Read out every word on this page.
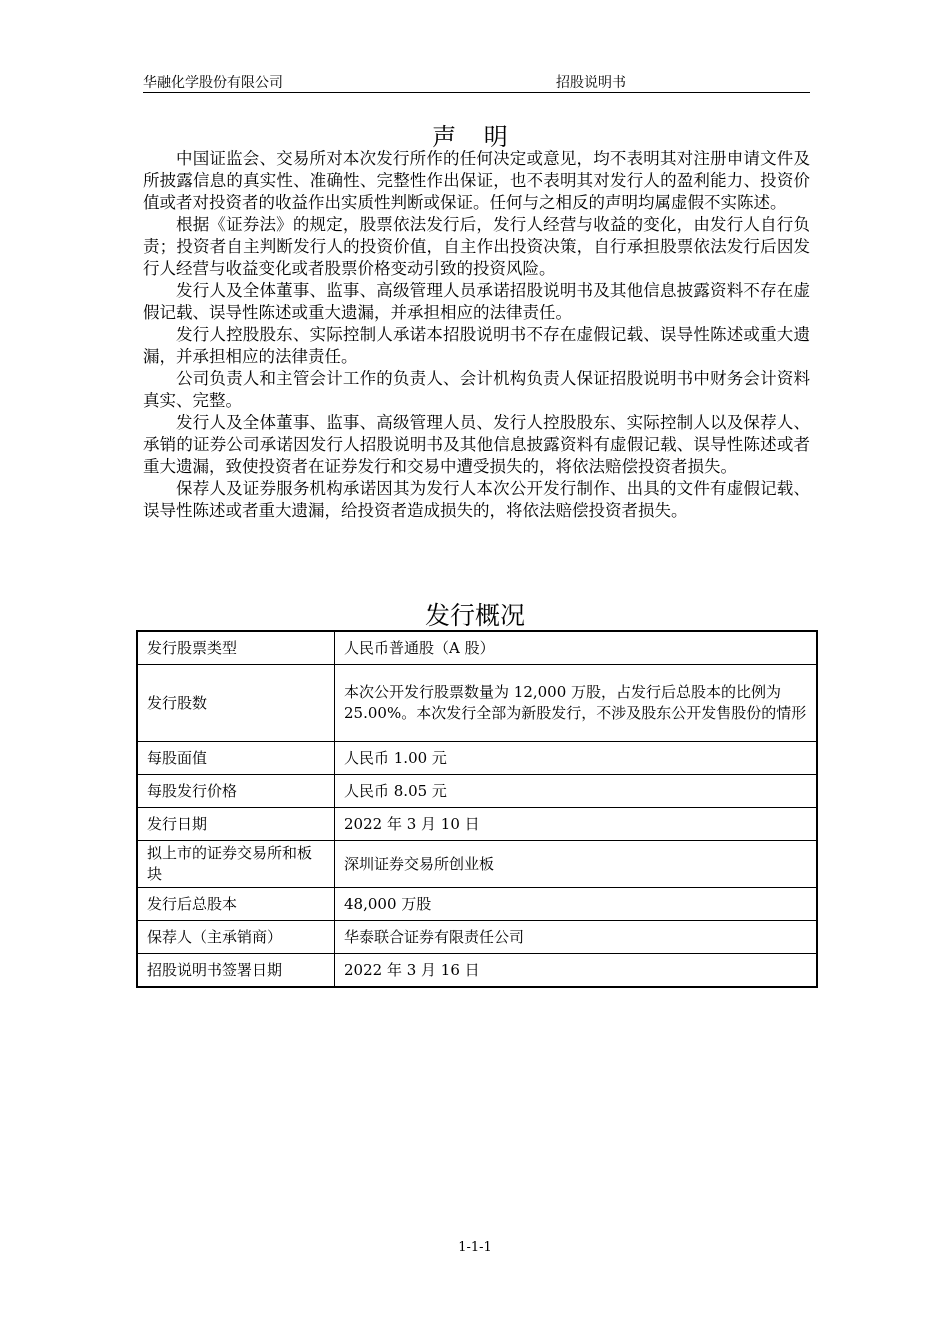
华融化学股份有限公司	招股说明书
声 明

中国证监会、交易所对本次发行所作的任何决定或意见，均不表明其对注册申请文件及所披露信息的真实性、准确性、完整性作出保证，也不表明其对发行人的盈利能力、投资价值或者对投资者的收益作出实质性判断或保证。任何与之相反的声明均属虚假不实陈述。

根据《证券法》的规定，股票依法发行后，发行人经营与收益的变化，由发行人自行负责；投资者自主判断发行人的投资价值，自主作出投资决策，自行承担股票依法发行后因发行人经营与收益变化或者股票价格变动引致的投资风险。

发行人及全体董事、监事、高级管理人员承诺招股说明书及其他信息披露资料不存在虚假记载、误导性陈述或重大遗漏，并承担相应的法律责任。

发行人控股股东、实际控制人承诺本招股说明书不存在虚假记载、误导性陈述或重大遗漏，并承担相应的法律责任。

公司负责人和主管会计工作的负责人、会计机构负责人保证招股说明书中财务会计资料真实、完整。

发行人及全体董事、监事、高级管理人员、发行人控股股东、实际控制人以及保荐人、承销的证券公司承诺因发行人招股说明书及其他信息披露资料有虚假记载、误导性陈述或者重大遗漏，致使投资者在证券发行和交易中遭受损失的，将依法赔偿投资者损失。

保荐人及证券服务机构承诺因其为发行人本次公开发行制作、出具的文件有虚假记载、误导性陈述或者重大遗漏，给投资者造成损失的，将依法赔偿投资者损失。

发行概况
发行股票类型	人民币普通股（A 股）
发行股数	本次公开发行股票数量为 12,000 万股，占发行后总股本的比例为 25.00%。本次发行全部为新股发行，不涉及股东公开发售股份的情形
每股面值	人民币 1.00 元
每股发行价格	人民币 8.05 元
发行日期	2022 年 3 月 10 日
拟上市的证券交易所和板块	深圳证券交易所创业板
发行后总股本	48,000 万股
保荐人（主承销商）	华泰联合证券有限责任公司
招股说明书签署日期	2022 年 3 月 16 日
1-1-1
